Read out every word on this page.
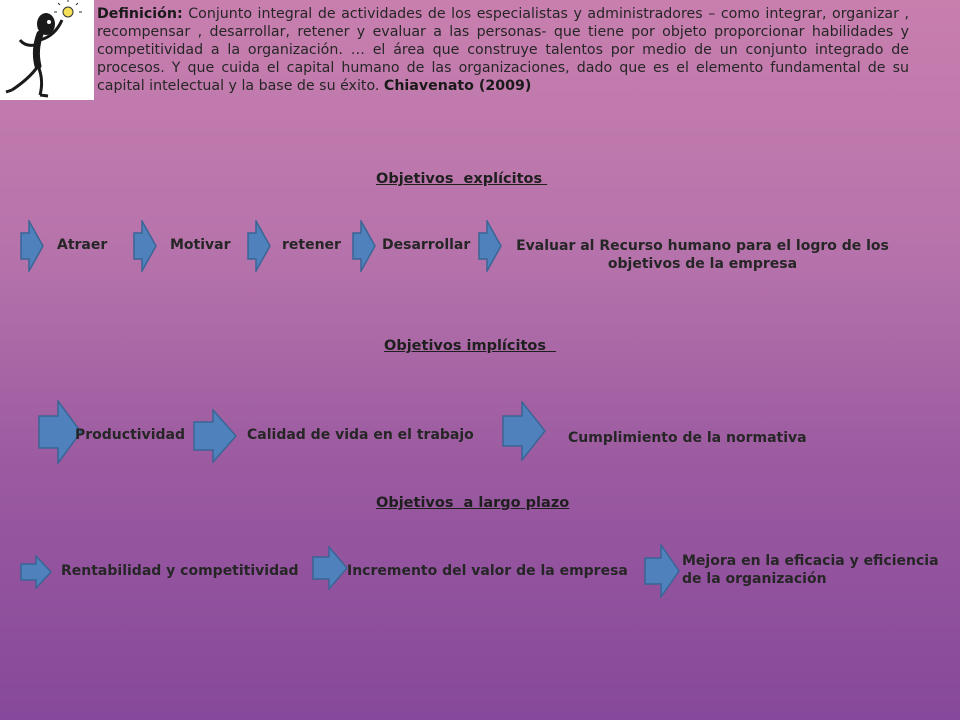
Definición: Conjunto integral de actividades de los especialistas y administradores – como integrar, organizar , recompensar , desarrollar, retener y evaluar a las personas- que tiene por objeto proporcionar habilidades y competitividad a la organización. … el área que construye talentos por medio de un conjunto integrado de procesos. Y que cuida el capital humano de las organizaciones, dado que es el elemento fundamental de su capital intelectual y la base de su éxito. Chiavenato (2009)
Objetivos  explícitos
Atraer	Motivar	retener	Desarrollar	Evaluar al Recurso humano para el logro de los objetivos de la empresa
Objetivos implícitos
Productividad	Calidad de vida en el trabajo	Cumplimiento de la normativa
Objetivos  a largo plazo
Rentabilidad y competitividad	Incremento del valor de la empresa
Mejora en la eficacia y eficiencia de la organización
